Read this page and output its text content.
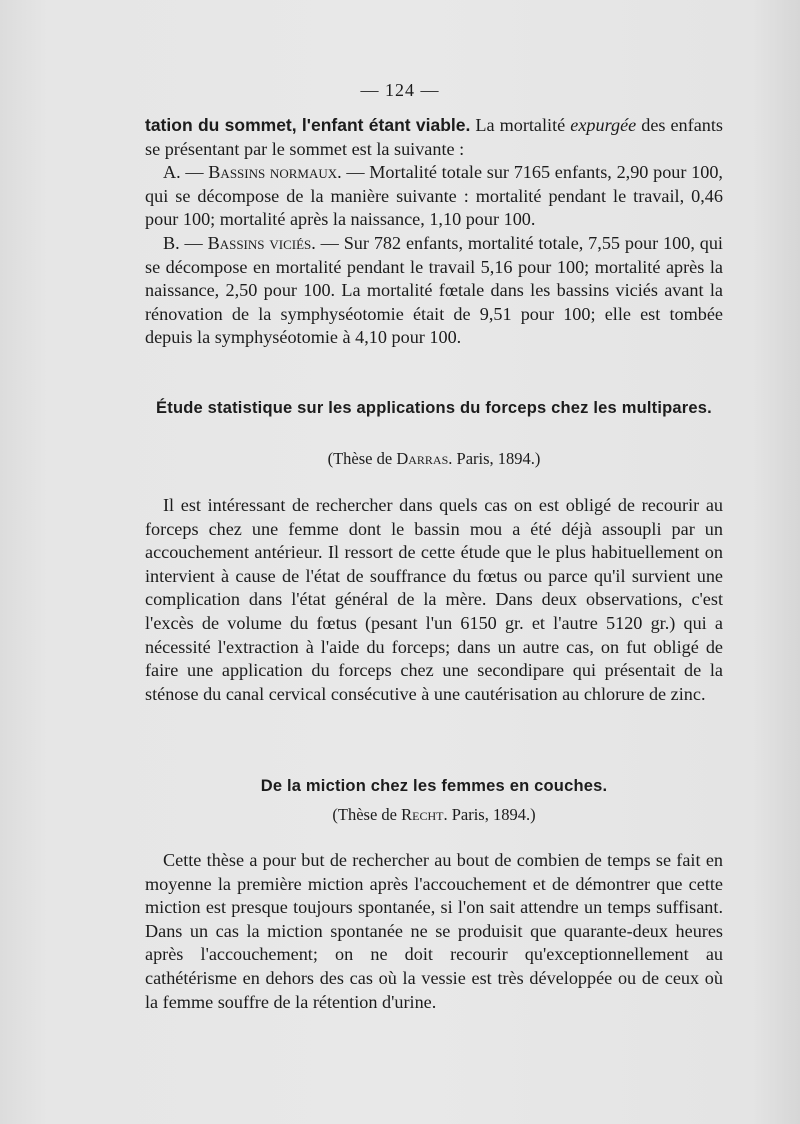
— 124 —

tation du sommet, l'enfant étant viable. La mortalité expurgée des enfants se présentant par le sommet est la suivante :

A. — Bassins normaux. — Mortalité totale sur 7165 enfants, 2,90 pour 100, qui se décompose de la manière suivante : mortalité pendant le travail, 0,46 pour 100; mortalité après la naissance, 1,10 pour 100.

B. — Bassins viciés. — Sur 782 enfants, mortalité totale, 7,55 pour 100, qui se décompose en mortalité pendant le travail 5,16 pour 100; mortalité après la naissance, 2,50 pour 100. La mortalité fœtale dans les bassins viciés avant la rénovation de la symphyséotomie était de 9,51 pour 100; elle est tombée depuis la symphyséotomie à 4,10 pour 100.

Étude statistique sur les applications du forceps chez les multipares.
(Thèse de Darras. Paris, 1894.)

Il est intéressant de rechercher dans quels cas on est obligé de recourir au forceps chez une femme dont le bassin mou a été déjà assoupli par un accouchement antérieur. Il ressort de cette étude que le plus habituellement on intervient à cause de l'état de souffrance du fœtus ou parce qu'il survient une complication dans l'état général de la mère. Dans deux observations, c'est l'excès de volume du fœtus (pesant l'un 6150 gr. et l'autre 5120 gr.) qui a nécessité l'extraction à l'aide du forceps; dans un autre cas, on fut obligé de faire une application du forceps chez une secondipare qui présentait de la sténose du canal cervical consécutive à une cautérisation au chlorure de zinc.

De la miction chez les femmes en couches.
(Thèse de Recht. Paris, 1894.)

Cette thèse a pour but de rechercher au bout de combien de temps se fait en moyenne la première miction après l'accouchement et de démontrer que cette miction est presque toujours spontanée, si l'on sait attendre un temps suffisant. Dans un cas la miction spontanée ne se produisit que quarante-deux heures après l'accouchement; on ne doit recourir qu'exceptionnellement au cathétérisme en dehors des cas où la vessie est très développée ou de ceux où la femme souffre de la rétention d'urine.
